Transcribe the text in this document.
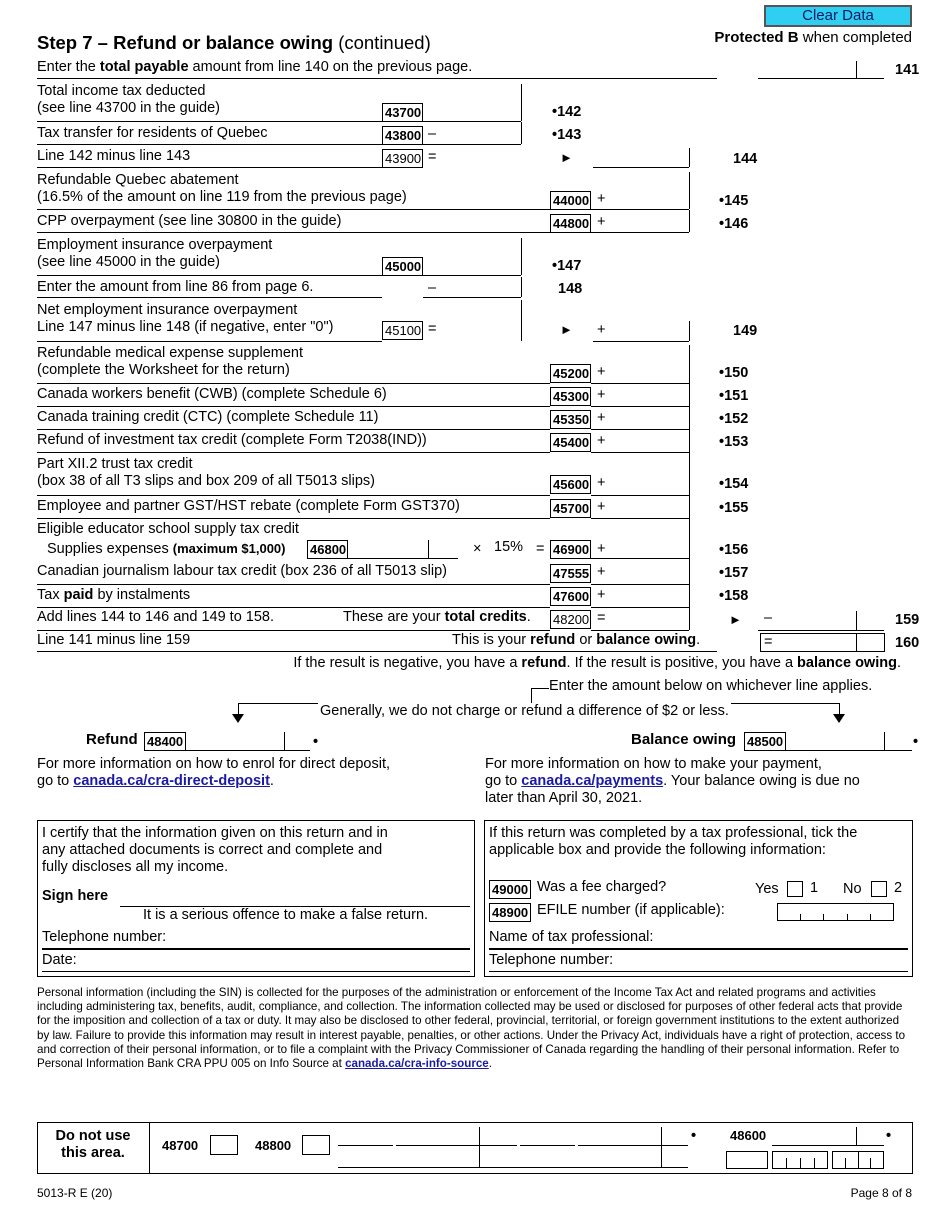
Clear Data
Step 7 – Refund or balance owing (continued)	Protected B when completed
Enter the total payable amount from line 140 on the previous page.	141
Total income tax deducted
(see line 43700 in the guide)	43700	•142
Tax transfer for residents of Quebec	43800 –	•143
Line 142 minus line 143	43900 =	►	144
Refundable Quebec abatement
(16.5% of the amount on line 119 from the previous page)	44000 +	•145
CPP overpayment (see line 30800 in the guide)	44800 +	•146
Employment insurance overpayment
(see line 45000 in the guide)	45000	•147
Enter the amount from line 86 from page 6.	–	148
Net employment insurance overpayment
Line 147 minus line 148 (if negative, enter "0")	45100 =	► +	149
Refundable medical expense supplement
(complete the Worksheet for the return)	45200 +	•150
Canada workers benefit (CWB) (complete Schedule 6)	45300 +	•151
Canada training credit (CTC) (complete Schedule 11)	45350 +	•152
Refund of investment tax credit (complete Form T2038(IND))	45400 +	•153
Part XII.2 trust tax credit
(box 38 of all T3 slips and box 209 of all T5013 slips)	45600 +	•154
Employee and partner GST/HST rebate (complete Form GST370)	45700 +	•155
Eligible educator school supply tax credit
Supplies expenses (maximum $1,000) 46800	× 15% = 46900 +	•156
Canadian journalism labour tax credit (box 236 of all T5013 slip)	47555 +	•157
Tax paid by instalments	47600 +	•158
Add lines 144 to 146 and 149 to 158.	These are your total credits. 48200 =	► –	159
Line 141 minus line 159	This is your refund or balance owing.	=	160
If the result is negative, you have a refund. If the result is positive, you have a balance owing.
Enter the amount below on whichever line applies.
Generally, we do not charge or refund a difference of $2 or less.
Refund 48400	•	Balance owing 48500	•
For more information on how to enrol for direct deposit,
go to canada.ca/cra-direct-deposit.
For more information on how to make your payment,
go to canada.ca/payments. Your balance owing is due no
later than April 30, 2021.
I certify that the information given on this return and in
any attached documents is correct and complete and
fully discloses all my income.
Sign here
It is a serious offence to make a false return.
Telephone number:
Date:
If this return was completed by a tax professional, tick the
applicable box and provide the following information:
49000 Was a fee charged?	Yes 1 No 2
48900 EFILE number (if applicable):
Name of tax professional:
Telephone number:
Personal information (including the SIN) is collected for the purposes of the administration or enforcement of the Income Tax Act and related programs and activities including administering tax, benefits, audit, compliance, and collection. The information collected may be used or disclosed for purposes of other federal acts that provide for the imposition and collection of a tax or duty. It may also be disclosed to other federal, provincial, territorial, or foreign government institutions to the extent authorized by law. Failure to provide this information may result in interest payable, penalties, or other actions. Under the Privacy Act, individuals have a right of protection, access to and correction of their personal information, or to file a complaint with the Privacy Commissioner of Canada regarding the handling of their personal information. Refer to Personal Information Bank CRA PPU 005 on Info Source at canada.ca/cra-info-source.
Do not use
this area.	48700	48800
•	48600	•
5013-R E (20)	Page 8 of 8
